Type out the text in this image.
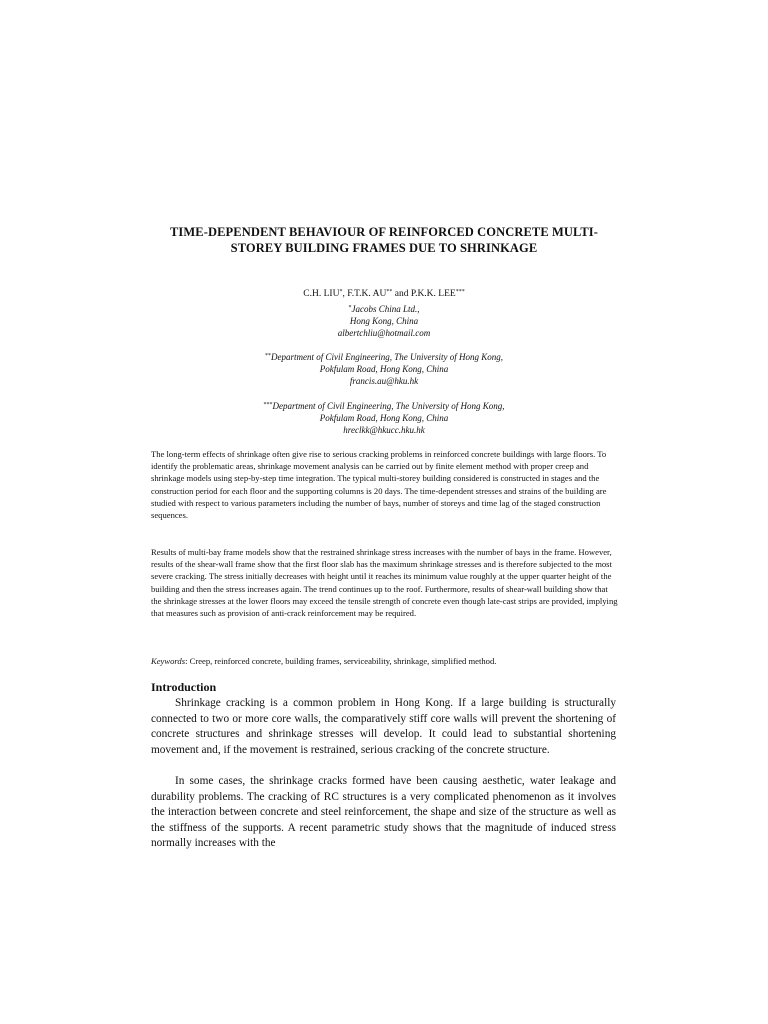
TIME-DEPENDENT BEHAVIOUR OF REINFORCED CONCRETE MULTI-
STOREY BUILDING FRAMES DUE TO SHRINKAGE
C.H. LIU*, F.T.K. AU** and P.K.K. LEE***
*Jacobs China Ltd.,
Hong Kong, China
albertchliu@hotmail.com
**Department of Civil Engineering, The University of Hong Kong,
Pokfulam Road, Hong Kong, China
francis.au@hku.hk
***Department of Civil Engineering, The University of Hong Kong,
Pokfulam Road, Hong Kong, China
hreclkk@hkucc.hku.hk
The long-term effects of shrinkage often give rise to serious cracking problems in reinforced concrete buildings with large floors. To identify the problematic areas, shrinkage movement analysis can be carried out by finite element method with proper creep and shrinkage models using step-by-step time integration. The typical multi-storey building considered is constructed in stages and the construction period for each floor and the supporting columns is 20 days. The time-dependent stresses and strains of the building are studied with respect to various parameters including the number of bays, number of storeys and time lag of the staged construction sequences.
Results of multi-bay frame models show that the restrained shrinkage stress increases with the number of bays in the frame. However, results of the shear-wall frame show that the first floor slab has the maximum shrinkage stresses and is therefore subjected to the most severe cracking. The stress initially decreases with height until it reaches its minimum value roughly at the upper quarter height of the building and then the stress increases again. The trend continues up to the roof. Furthermore, results of shear-wall building show that the shrinkage stresses at the lower floors may exceed the tensile strength of concrete even though late-cast strips are provided, implying that measures such as provision of anti-crack reinforcement may be required.
Keywords: Creep, reinforced concrete, building frames, serviceability, shrinkage, simplified method.
Introduction

Shrinkage cracking is a common problem in Hong Kong. If a large building is structurally connected to two or more core walls, the comparatively stiff core walls will prevent the shortening of concrete structures and shrinkage stresses will develop. It could lead to substantial shortening movement and, if the movement is restrained, serious cracking of the concrete structure.

In some cases, the shrinkage cracks formed have been causing aesthetic, water leakage and durability problems. The cracking of RC structures is a very complicated phenomenon as it involves the interaction between concrete and steel reinforcement, the shape and size of the structure as well as the stiffness of the supports. A recent parametric study shows that the magnitude of induced stress normally increases with the
